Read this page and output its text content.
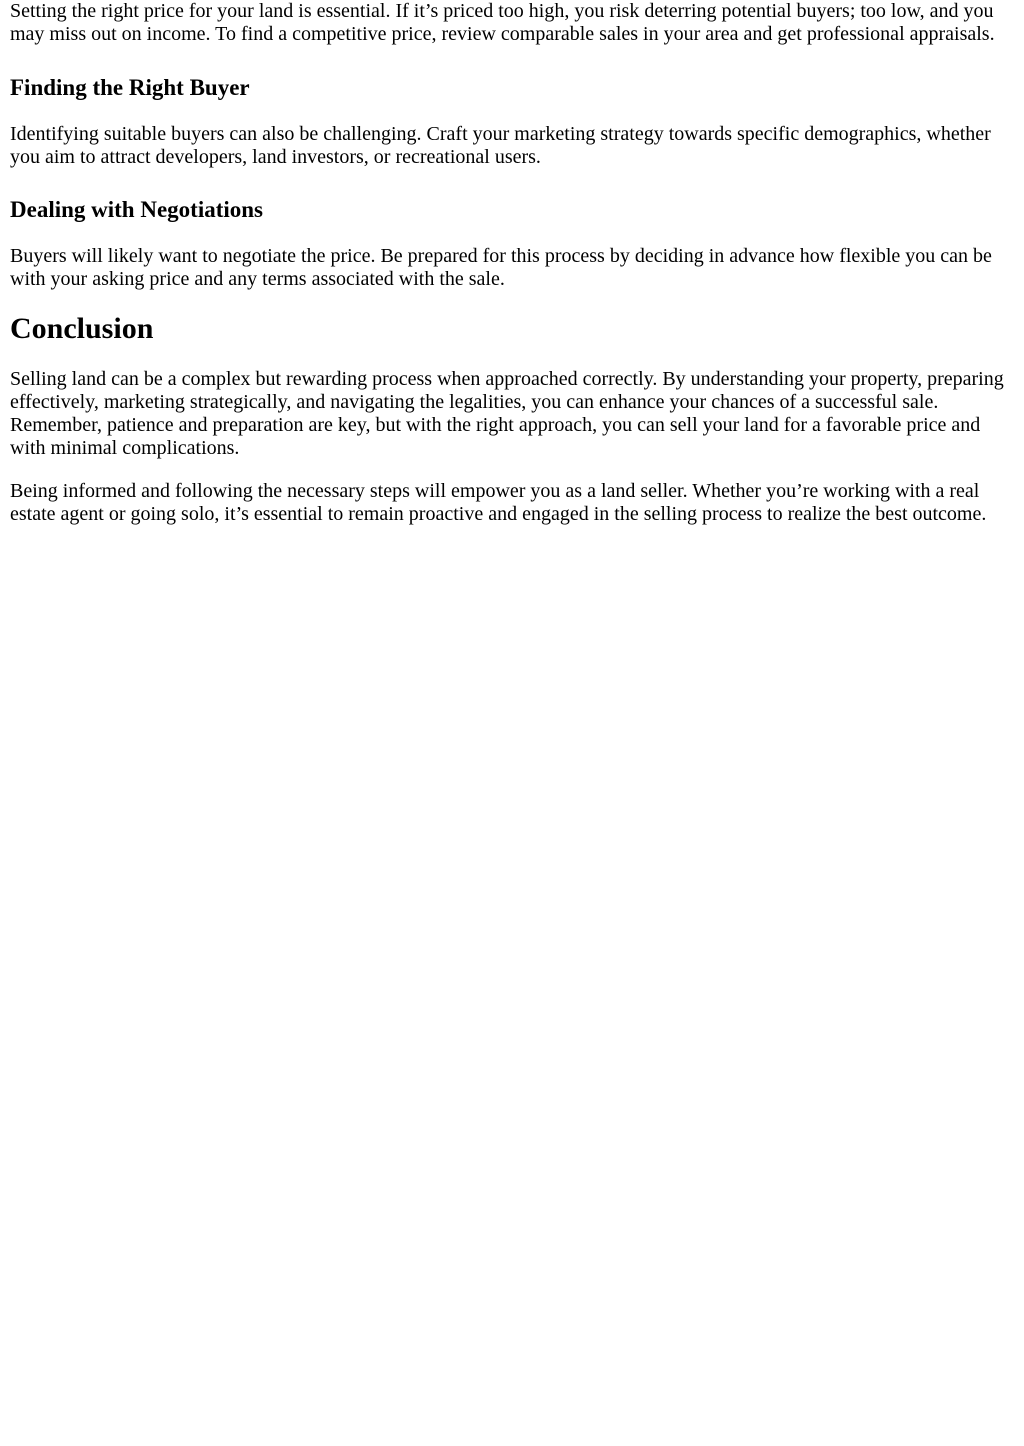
Setting the right price for your land is essential. If it’s priced too high, you risk deterring potential buyers; too low, and you may miss out on income. To find a competitive price, review comparable sales in your area and get professional appraisals.

Finding the Right Buyer

Identifying suitable buyers can also be challenging. Craft your marketing strategy towards specific demographics, whether you aim to attract developers, land investors, or recreational users.

Dealing with Negotiations

Buyers will likely want to negotiate the price. Be prepared for this process by deciding in advance how flexible you can be with your asking price and any terms associated with the sale.

Conclusion

Selling land can be a complex but rewarding process when approached correctly. By understanding your property, preparing effectively, marketing strategically, and navigating the legalities, you can enhance your chances of a successful sale. Remember, patience and preparation are key, but with the right approach, you can sell your land for a favorable price and with minimal complications.

Being informed and following the necessary steps will empower you as a land seller. Whether you’re working with a real estate agent or going solo, it’s essential to remain proactive and engaged in the selling process to realize the best outcome.
